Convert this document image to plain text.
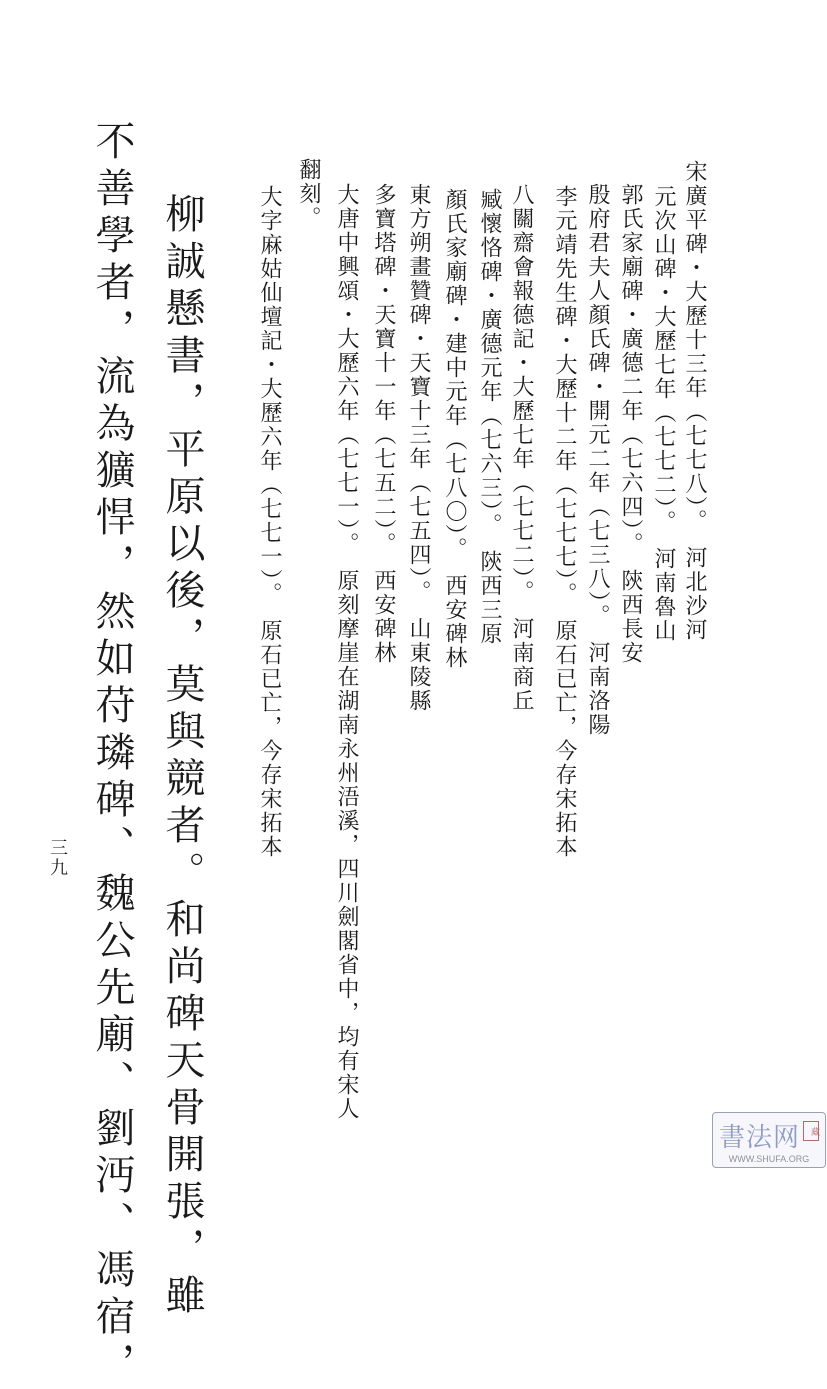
宋廣平碑・大歷十三年（七七八）。　河北沙河
元次山碑・大歷七年（七七二）。　河南魯山
郭氏家廟碑・廣德二年（七六四）。　陝西長安
殷府君夫人顏氏碑・開元二年（七三八）。　河南洛陽
李元靖先生碑・大歷十二年（七七七）。　原石已亡，今存宋拓本
八關齋會報德記・大歷七年（七七二）。　河南商丘
臧懷恪碑・廣德元年（七六三）。　陝西三原
顏氏家廟碑・建中元年（七八〇）。　西安碑林
東方朔畫贊碑・天寶十三年（七五四）。　山東陵縣
多寶塔碑・天寶十一年（七五二）。　西安碑林
大唐中興頌・大歷六年（七七一）。　原刻摩崖在湖南永州浯溪，四川劍閣省中，均有宋人
翻刻。
大字麻姑仙壇記・大歷六年（七七一）。　原石已亡，今存宋拓本
柳誠懸書，平原以後，莫與競者。和尚碑天骨開張，雖
不善學者，流為獷悍，然如苻璘碑、魏公先廟、劉沔、馮宿，
三九
書法网 藏
WWW.SHUFA.ORG
